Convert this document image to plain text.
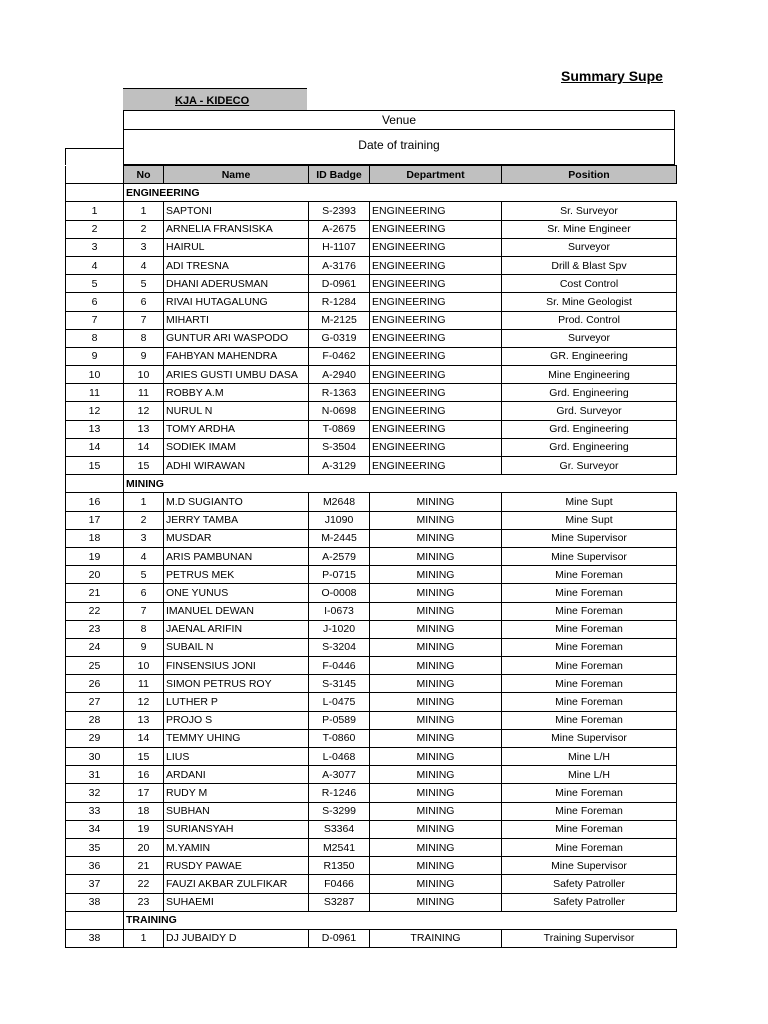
Summary Supe
KJA - KIDECO
Venue
Date of training
	No	Name	ID Badge	Department	Position
	ENGINEERING				
1	1	SAPTONI	S-2393	ENGINEERING	Sr. Surveyor
2	2	ARNELIA FRANSISKA	A-2675	ENGINEERING	Sr. Mine Engineer
3	3	HAIRUL	H-1107	ENGINEERING	Surveyor
4	4	ADI TRESNA	A-3176	ENGINEERING	Drill & Blast Spv
5	5	DHANI ADERUSMAN	D-0961	ENGINEERING	Cost Control
6	6	RIVAI HUTAGALUNG	R-1284	ENGINEERING	Sr. Mine Geologist
7	7	MIHARTI	M-2125	ENGINEERING	Prod. Control
8	8	GUNTUR ARI WASPODO	G-0319	ENGINEERING	Surveyor
9	9	FAHBYAN MAHENDRA	F-0462	ENGINEERING	GR. Engineering
10	10	ARIES GUSTI UMBU DASA	A-2940	ENGINEERING	Mine Engineering
11	11	ROBBY A.M	R-1363	ENGINEERING	Grd. Engineering
12	12	NURUL N	N-0698	ENGINEERING	Grd. Surveyor
13	13	TOMY ARDHA	T-0869	ENGINEERING	Grd. Engineering
14	14	SODIEK IMAM	S-3504	ENGINEERING	Grd. Engineering
15	15	ADHI WIRAWAN	A-3129	ENGINEERING	Gr. Surveyor
	MINING				
16	1	M.D SUGIANTO	M2648	MINING	Mine Supt
17	2	JERRY TAMBA	J1090	MINING	Mine Supt
18	3	MUSDAR	M-2445	MINING	Mine Supervisor
19	4	ARIS PAMBUNAN	A-2579	MINING	Mine Supervisor
20	5	PETRUS MEK	P-0715	MINING	Mine Foreman
21	6	ONE YUNUS	O-0008	MINING	Mine Foreman
22	7	IMANUEL DEWAN	I-0673	MINING	Mine Foreman
23	8	JAENAL ARIFIN	J-1020	MINING	Mine Foreman
24	9	SUBAIL N	S-3204	MINING	Mine Foreman
25	10	FINSENSIUS JONI	F-0446	MINING	Mine Foreman
26	11	SIMON PETRUS ROY	S-3145	MINING	Mine Foreman
27	12	LUTHER P	L-0475	MINING	Mine Foreman
28	13	PROJO S	P-0589	MINING	Mine Foreman
29	14	TEMMY UHING	T-0860	MINING	Mine Supervisor
30	15	LIUS	L-0468	MINING	Mine L/H
31	16	ARDANI	A-3077	MINING	Mine L/H
32	17	RUDY M	R-1246	MINING	Mine Foreman
33	18	SUBHAN	S-3299	MINING	Mine Foreman
34	19	SURIANSYAH	S3364	MINING	Mine Foreman
35	20	M.YAMIN	M2541	MINING	Mine Foreman
36	21	RUSDY PAWAE	R1350	MINING	Mine Supervisor
37	22	FAUZI AKBAR ZULFIKAR	F0466	MINING	Safety Patroller
38	23	SUHAEMI	S3287	MINING	Safety Patroller
	TRAINING				
38	1	DJ JUBAIDY D	D-0961	TRAINING	Training Supervisor
